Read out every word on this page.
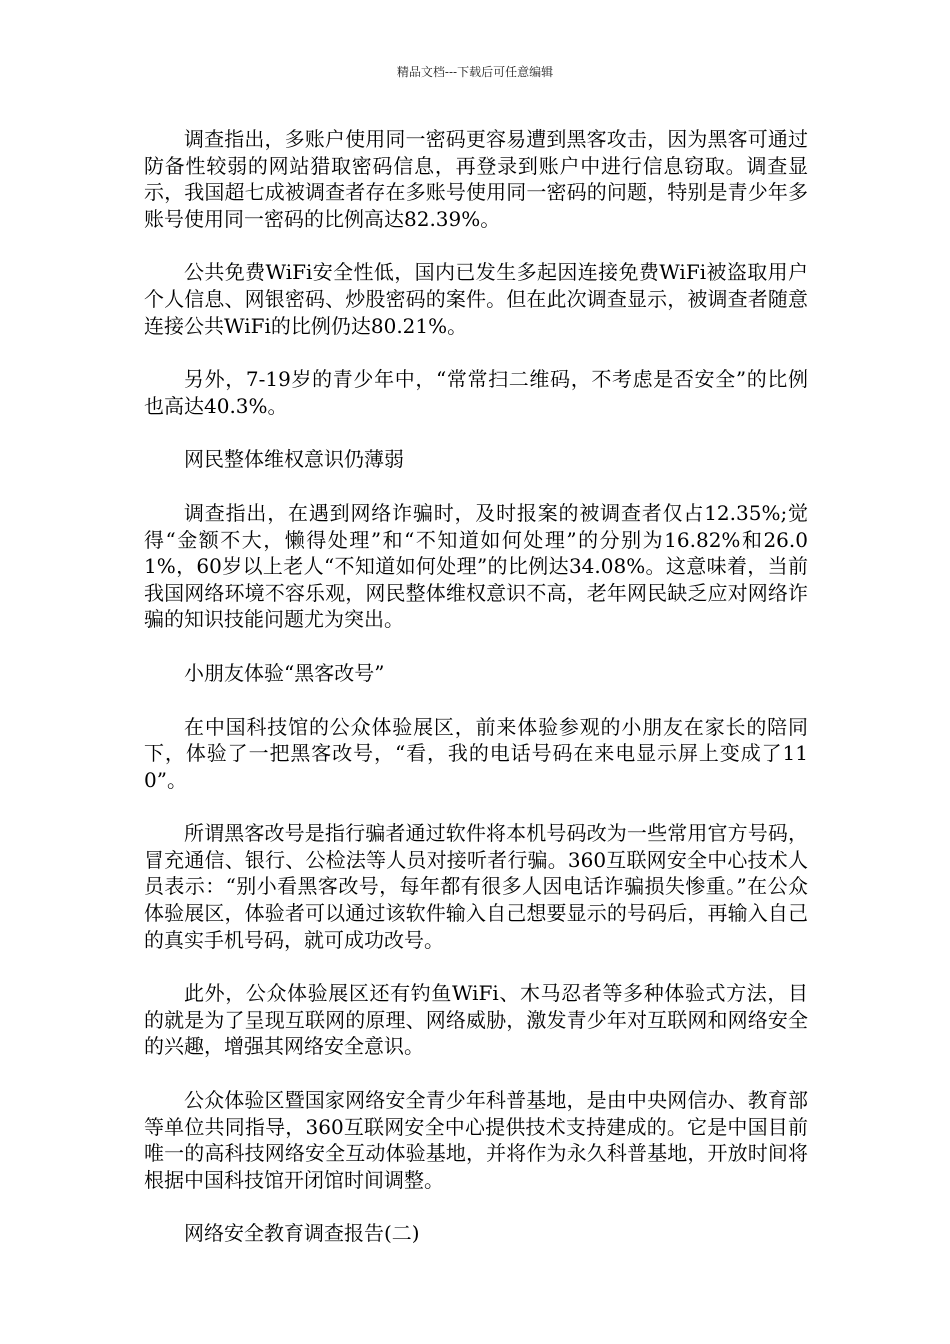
精品文档---下载后可任意编辑

调查指出，多账户使用同一密码更容易遭到黑客攻击，因为黑客可通过防备性较弱的网站猎取密码信息，再登录到账户中进行信息窃取。调查显示，我国超七成被调查者存在多账号使用同一密码的问题，特别是青少年多账号使用同一密码的比例高达82.39%。

公共免费WiFi安全性低，国内已发生多起因连接免费WiFi被盗取用户个人信息、网银密码、炒股密码的案件。但在此次调查显示，被调查者随意连接公共WiFi的比例仍达80.21%。

另外，7-19岁的青少年中，“常常扫二维码，不考虑是否安全”的比例也高达40.3%。

网民整体维权意识仍薄弱

调查指出，在遇到网络诈骗时，及时报案的被调查者仅占12.35%;觉得“金额不大，懒得处理”和“不知道如何处理”的分别为16.82%和26.01%，60岁以上老人“不知道如何处理”的比例达34.08%。这意味着，当前我国网络环境不容乐观，网民整体维权意识不高，老年网民缺乏应对网络诈骗的知识技能问题尤为突出。

小朋友体验“黑客改号”

在中国科技馆的公众体验展区，前来体验参观的小朋友在家长的陪同下，体验了一把黑客改号，“看，我的电话号码在来电显示屏上变成了110”。

所谓黑客改号是指行骗者通过软件将本机号码改为一些常用官方号码，冒充通信、银行、公检法等人员对接听者行骗。360互联网安全中心技术人员表示：“别小看黑客改号，每年都有很多人因电话诈骗损失惨重。”在公众体验展区，体验者可以通过该软件输入自己想要显示的号码后，再输入自己的真实手机号码，就可成功改号。

此外，公众体验展区还有钓鱼WiFi、木马忍者等多种体验式方法，目的就是为了呈现互联网的原理、网络威胁，激发青少年对互联网和网络安全的兴趣，增强其网络安全意识。

公众体验区暨国家网络安全青少年科普基地，是由中央网信办、教育部等单位共同指导，360互联网安全中心提供技术支持建成的。它是中国目前唯一的高科技网络安全互动体验基地，并将作为永久科普基地，开放时间将根据中国科技馆开闭馆时间调整。

网络安全教育调查报告(二)
